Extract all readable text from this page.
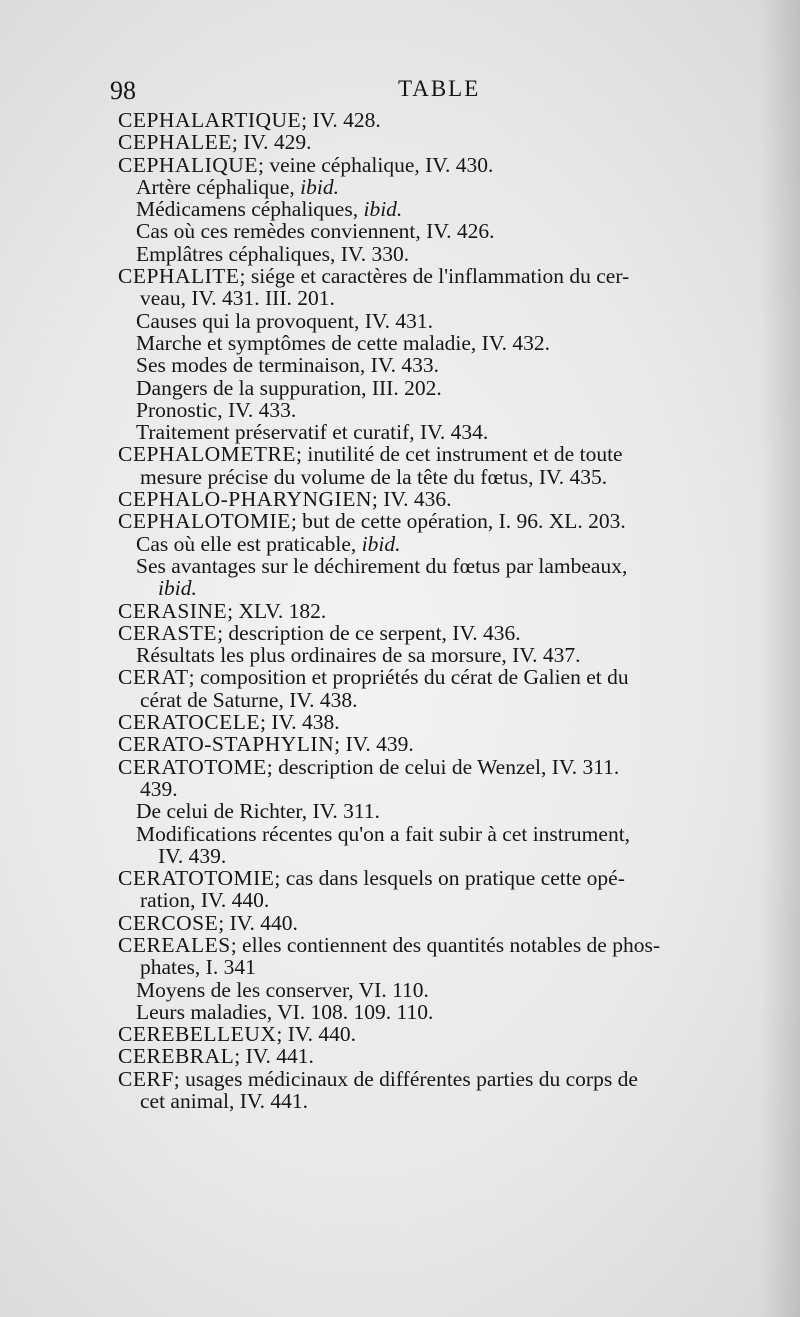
98	TABLE
CEPHALARTIQUE; IV. 428.
CEPHALEE; IV. 429.
CEPHALIQUE; veine céphalique, IV. 430.
Artère céphalique, ibid.
Médicamens céphaliques, ibid.
Cas où ces remèdes conviennent, IV. 426.
Emplâtres céphaliques, IV. 330.
CEPHALITE; siége et caractères de l'inflammation du cer-
veau, IV. 431. III. 201.
Causes qui la provoquent, IV. 431.
Marche et symptômes de cette maladie, IV. 432.
Ses modes de terminaison, IV. 433.
Dangers de la suppuration, III. 202.
Pronostic, IV. 433.
Traitement préservatif et curatif, IV. 434.
CEPHALOMETRE; inutilité de cet instrument et de toute
mesure précise du volume de la tête du fœtus, IV. 435.
CEPHALO-PHARYNGIEN; IV. 436.
CEPHALOTOMIE; but de cette opération, I. 96. XL. 203.
Cas où elle est praticable, ibid.
Ses avantages sur le déchirement du fœtus par lambeaux,
ibid.
CERASINE; XLV. 182.
CERASTE; description de ce serpent, IV. 436.
Résultats les plus ordinaires de sa morsure, IV. 437.
CERAT; composition et propriétés du cérat de Galien et du
cérat de Saturne, IV. 438.
CERATOCELE; IV. 438.
CERATO-STAPHYLIN; IV. 439.
CERATOTOME; description de celui de Wenzel, IV. 311.
439.
De celui de Richter, IV. 311.
Modifications récentes qu'on a fait subir à cet instrument,
IV. 439.
CERATOTOMIE; cas dans lesquels on pratique cette opé-
ration, IV. 440.
CERCOSE; IV. 440.
CEREALES; elles contiennent des quantités notables de phos-
phates, I. 341
Moyens de les conserver, VI. 110.
Leurs maladies, VI. 108. 109. 110.
CEREBELLEUX; IV. 440.
CEREBRAL; IV. 441.
CERF; usages médicinaux de différentes parties du corps de
cet animal, IV. 441.
